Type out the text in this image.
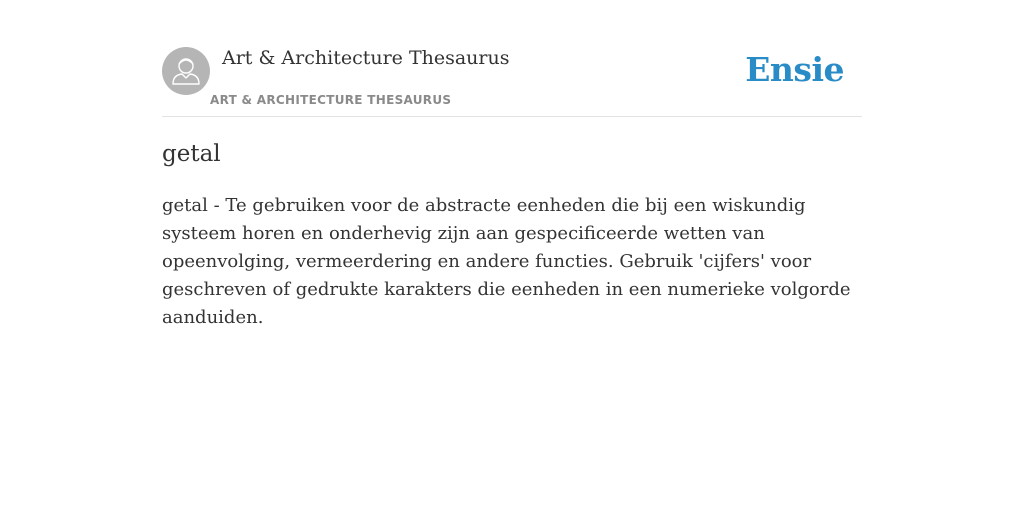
Art & Architecture Thesaurus
ART & ARCHITECTURE THESAURUS
Ensie
getal

getal - Te gebruiken voor de abstracte eenheden die bij een wiskundig systeem horen en onderhevig zijn aan gespecificeerde wetten van opeenvolging, vermeerdering en andere functies. Gebruik 'cijfers' voor geschreven of gedrukte karakters die eenheden in een numerieke volgorde aanduiden.
